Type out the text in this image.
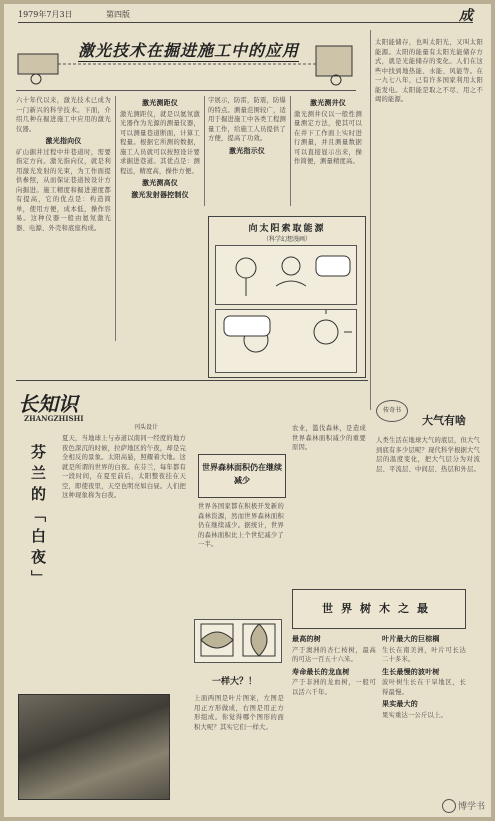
1979年7月3日	第四版	成
激光技术在掘进施工中的应用
六十年代以来，激光技术已成为一门新兴的科学技术。下面，介绍几种在掘进施工中应用的激光仪器。
激光指向仪
矿山掘井过程中井巷道时，需要指定方向。激光指向仪，就是利用激光发射的光束，为工作面提供参照，从而保证巷道按设计方向掘进。施工精度和掘进速度都有提高，它的优点是：构造简单，使用方便，成本低，操作容易。这种仪器一般由氦氖激光器、电源、外壳和底座构成。
激光测距仪
激光测距仪，就是以氦氖激光器作为光源的测量仪器，可以测量巷道断面，计算工程量。根据它所测的数据，施工人员就可以按照设计要求掘进巷道。其优点是：测程远，精度高，操作方便。
激光测高仪
激光发射器控制仪
字展示，防雷，防震，防爆的特点。测量范围较广，适用于掘进施工中各类工程测量工作，给施工人员提供了方便，提高了功效。
激光指示仪
激光测井仪
激光测井仪以一般性测量测定方法，使其可以在井下工作面上实时进行测量，并且测量数据可以直接显示出来，操作简便，测量精度高。
向太阳索取能源
（科学幻想漫画）
太阳能储存，也叫太阳光，又叫太阳能源。太阳的能量有太阳光能储存方式，就是光能储存的变化。人们在这些中找到地热能、水能、风能等。在一九七八年，已有许多国家利用太阳能发电。太阳能是取之不尽、用之不竭的能源。
长知识
ZHANGZHISHI
刊头设计
芬兰的「白夜」
夏天，当地球上与赤道以南同一经度的地方夜色深沉的时候，拉萨地区的午夜，却是完全相反的景象。太阳高悬，照耀着大地。这就是所谓的世界的白夜。在芬兰，每年都有一段时间，在夏至前后，太阳整夜挂在天空，即使夜里，天空也明亮如白昼。人们把这种现象称为白夜。
世界森林面积仍在继续减少
世界各国家都在积极开发新的森林资源，然而世界森林面积仍在继续减少。据统计，世界的森林面积比上个世纪减少了一半。
农业，滥伐森林，是造成世界森林面积减少的重要原因。
一样大？！
上面两图是叶片图案，左图是用正方形做成，右图是用正方形组成。你觉得哪个图形的面积大呢？其实它们一样大。
世界树木之最
最高的树
产于澳洲的杏仁桉树，最高的可达一百五十六米。
寿命最长的龙血树
产于非洲的龙血树，一般可以活六千年。
叶片最大的巨棕榈
生长在南美洲，叶片可长达二十多米。
生长最慢的波叶树
波叶树生长在干旱地区，长得最慢。
果实最大的
果实重达一公斤以上。
传奇书
大气有啥
人类生活在地球大气的底层，但大气到底有多少层呢？现代科学根据大气层的温度变化，把大气层分为对流层、平流层、中间层、热层和外层。
博学书
